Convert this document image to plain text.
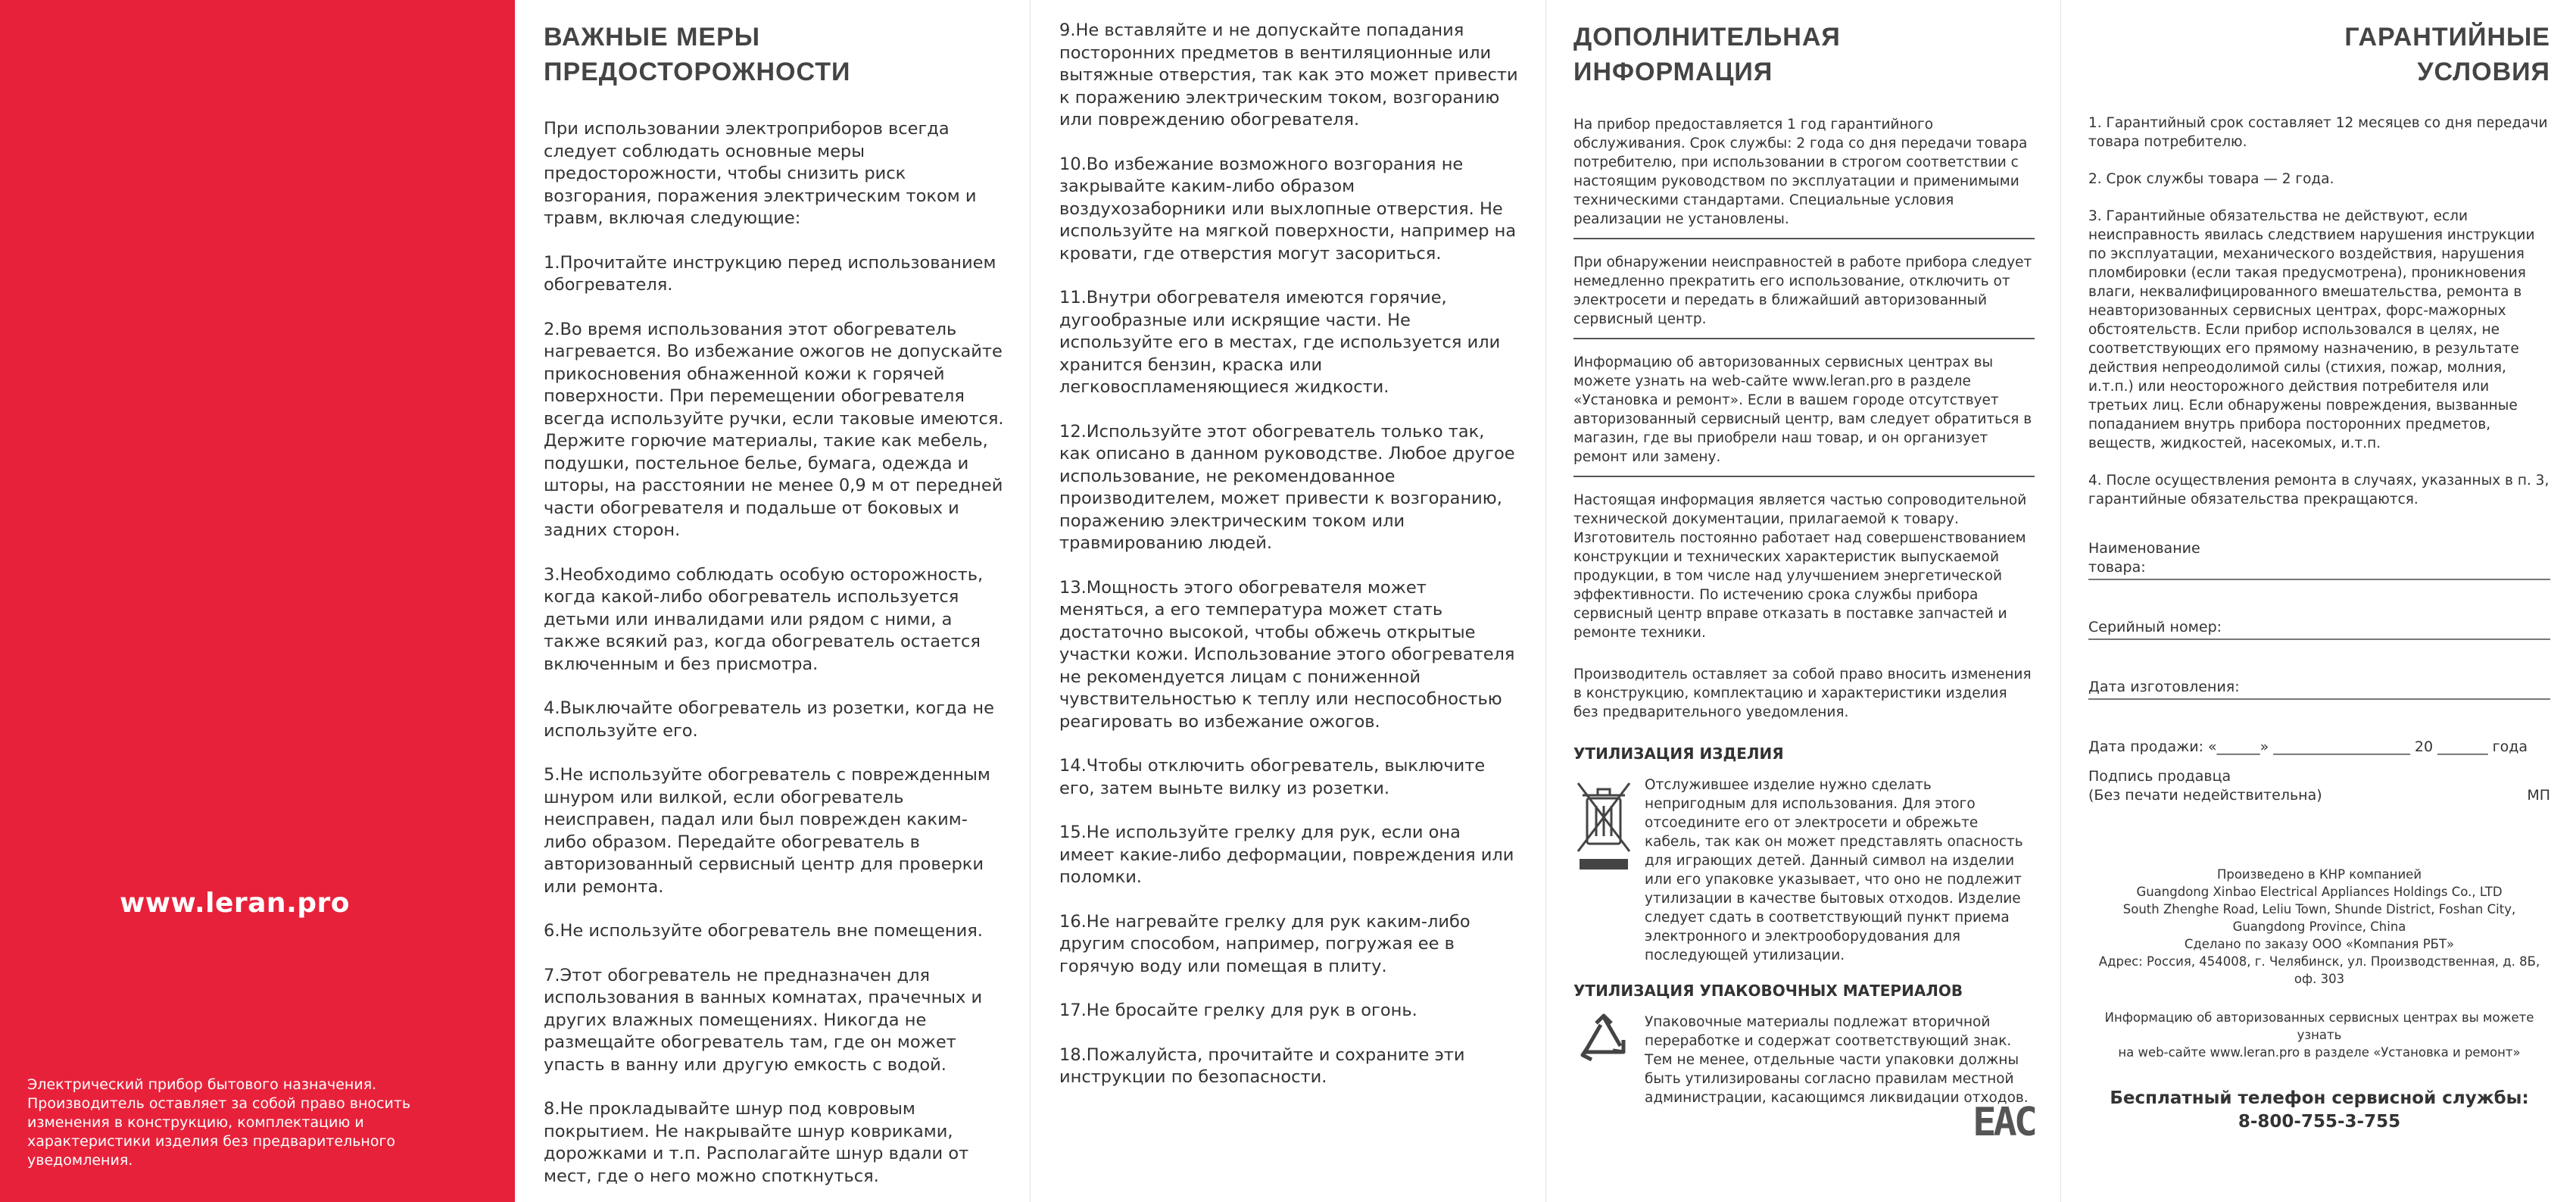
www.leran.pro
Электрический прибор бытового назначения. Производитель оставляет за собой право вносить изменения в конструкцию, комплектацию и характеристики изделия без предварительного уведомления.
ВАЖНЫЕ МЕРЫ
ПРЕДОСТОРОЖНОСТИ

При использовании электроприборов всегда следует соблюдать основные меры предосторожности, чтобы снизить риск возгорания, поражения электрическим током и травм, включая следующие:

1.Прочитайте инструкцию перед использованием обогревателя.

2.Во время использования этот обогреватель нагревается. Во избежание ожогов не допускайте прикосновения обнаженной кожи к горячей поверхности. При перемещении обогревателя всегда используйте ручки, если таковые имеются. Держите горючие материалы, такие как мебель, подушки, постельное белье, бумага, одежда и шторы, на расстоянии не менее 0,9 м от передней части обогревателя и подальше от боковых и задних сторон.

3.Необходимо соблюдать особую осторожность, когда какой-либо обогреватель используется детьми или инвалидами или рядом с ними, а также всякий раз, когда обогреватель остается включенным и без присмотра.

4.Выключайте обогреватель из розетки, когда не используйте его.

5.Не используйте обогреватель с поврежденным шнуром или вилкой, если обогреватель неисправен, падал или был поврежден каким-либо образом. Передайте обогреватель в авторизованный сервисный центр для проверки или ремонта.

6.Не используйте обогреватель вне помещения.

7.Этот обогреватель не предназначен для использования в ванных комнатах, прачечных и других влажных помещениях. Никогда не размещайте обогреватель там, где он может упасть в ванну или другую емкость с водой.

8.Не прокладывайте шнур под ковровым покрытием. Не накрывайте шнур ковриками, дорожками и т.п. Располагайте шнур вдали от мест, где о него можно споткнуться.

9.Не вставляйте и не допускайте попадания посторонних предметов в вентиляционные или вытяжные отверстия, так как это может привести к поражению электрическим током, возгоранию или повреждению обогревателя.

10.Во избежание возможного возгорания не закрывайте каким-либо образом воздухозаборники или выхлопные отверстия. Не используйте на мягкой поверхности, например на кровати, где отверстия могут засориться.

11.Внутри обогревателя имеются горячие, дугообразные или искрящие части. Не используйте его в местах, где используется или хранится бензин, краска или легковоспламеняющиеся жидкости.

12.Используйте этот обогреватель только так, как описано в данном руководстве. Любое другое использование, не рекомендованное производителем, может привести к возгоранию, поражению электрическим током или травмированию людей.

13.Мощность этого обогревателя может меняться, а его температура может стать достаточно высокой, чтобы обжечь открытые участки кожи. Использование этого обогревателя не рекомендуется лицам с пониженной чувствительностью к теплу или неспособностью реагировать во избежание ожогов.

14.Чтобы отключить обогреватель, выключите его, затем выньте вилку из розетки.

15.Не используйте грелку для рук, если она имеет какие-либо деформации, повреждения или поломки.

16.Не нагревайте грелку для рук каким-либо другим способом, например, погружая ее в горячую воду или помещая в плиту.

17.Не бросайте грелку для рук в огонь.

18.Пожалуйста, прочитайте и сохраните эти инструкции по безопасности.

ДОПОЛНИТЕЛЬНАЯ
ИНФОРМАЦИЯ
На прибор предоставляется 1 год гарантийного обслуживания. Срок службы: 2 года со дня передачи товара потребителю, при использовании в строгом соответствии с настоящим руководством по эксплуатации и применимыми техническими стандартами. Специальные условия реализации не установлены.
При обнаружении неисправностей в работе прибора следует немедленно прекратить его использование, отключить от электросети и передать в ближайший авторизованный сервисный центр.
Информацию об авторизованных сервисных центрах вы можете узнать на web-сайте www.leran.pro в разделе «Установка и ремонт». Если в вашем городе отсутствует авторизованный сервисный центр, вам следует обратиться в магазин, где вы приобрели наш товар, и он организует ремонт или замену.
Настоящая информация является частью сопроводительной технической документации, прилагаемой к товару. Изготовитель постоянно работает над совершенствованием конструкции и технических характеристик выпускаемой продукции, в том числе над улучшением энергетической эффективности. По истечению срока службы прибора сервисный центр вправе отказать в поставке запчастей и ремонте техники.
Производитель оставляет за собой право вносить изменения в конструкцию, комплектацию и характеристики изделия без предварительного уведомления.
УТИЛИЗАЦИЯ ИЗДЕЛИЯ
Отслужившее изделие нужно сделать непригодным для использования. Для этого отсоедините его от электросети и обрежьте кабель, так как он может представлять опасность для играющих детей. Данный символ на изделии или его упаковке указывает, что оно не подлежит утилизации в качестве бытовых отходов. Изделие следует сдать в соответствующий пункт приема электронного и электрооборудования для последующей утилизации.
УТИЛИЗАЦИЯ УПАКОВОЧНЫХ МАТЕРИАЛОВ
Упаковочные материалы подлежат вторичной переработке и содержат соответствующий знак. Тем не менее, отдельные части упаковки должны быть утилизированы согласно правилам местной администрации, касающимся ликвидации отходов.
EAC
ГАРАНТИЙНЫЕ
УСЛОВИЯ

1. Гарантийный срок составляет 12 месяцев со дня передачи товара потребителю.

2. Срок службы товара — 2 года.

3. Гарантийные обязательства не действуют, если неисправность явилась следствием нарушения инструкции по эксплуатации, механического воздействия, нарушения пломбировки (если такая предусмотрена), проникновения влаги, неквалифицированного вмешательства, ремонта в неавторизованных сервисных центрах, форс-мажорных обстоятельств. Если прибор использовался в целях, не соответствующих его прямому назначению, в результате действия непреодолимой силы (стихия, пожар, молния, и.т.п.) или неосторожного действия потребителя или третьих лиц. Если обнаружены повреждения, вызванные попаданием внутрь прибора посторонних предметов, веществ, жидкостей, насекомых, и.т.п.

4. После осуществления ремонта в случаях, указанных в п. 3, гарантийные обязательства прекращаются.

Наименование
товара:
Серийный номер:
Дата изготовления:
Дата продажи: «______» ___________________ 20 _______ года
Подпись продавца
(Без печати недействительна)	МП
Произведено в КНР компанией
Guangdong Xinbao Electrical Appliances Holdings Co., LTD
South Zhenghe Road, Leliu Town, Shunde District, Foshan City,
Guangdong Province, China
Сделано по заказу ООО «Компания РБТ»
Адрес: Россия, 454008, г. Челябинск, ул. Производственная, д. 8Б, оф. 303
Информацию об авторизованных сервисных центрах вы можете узнать
на web-сайте www.leran.pro в разделе «Установка и ремонт»
Бесплатный телефон сервисной службы:
8-800-755-3-755
